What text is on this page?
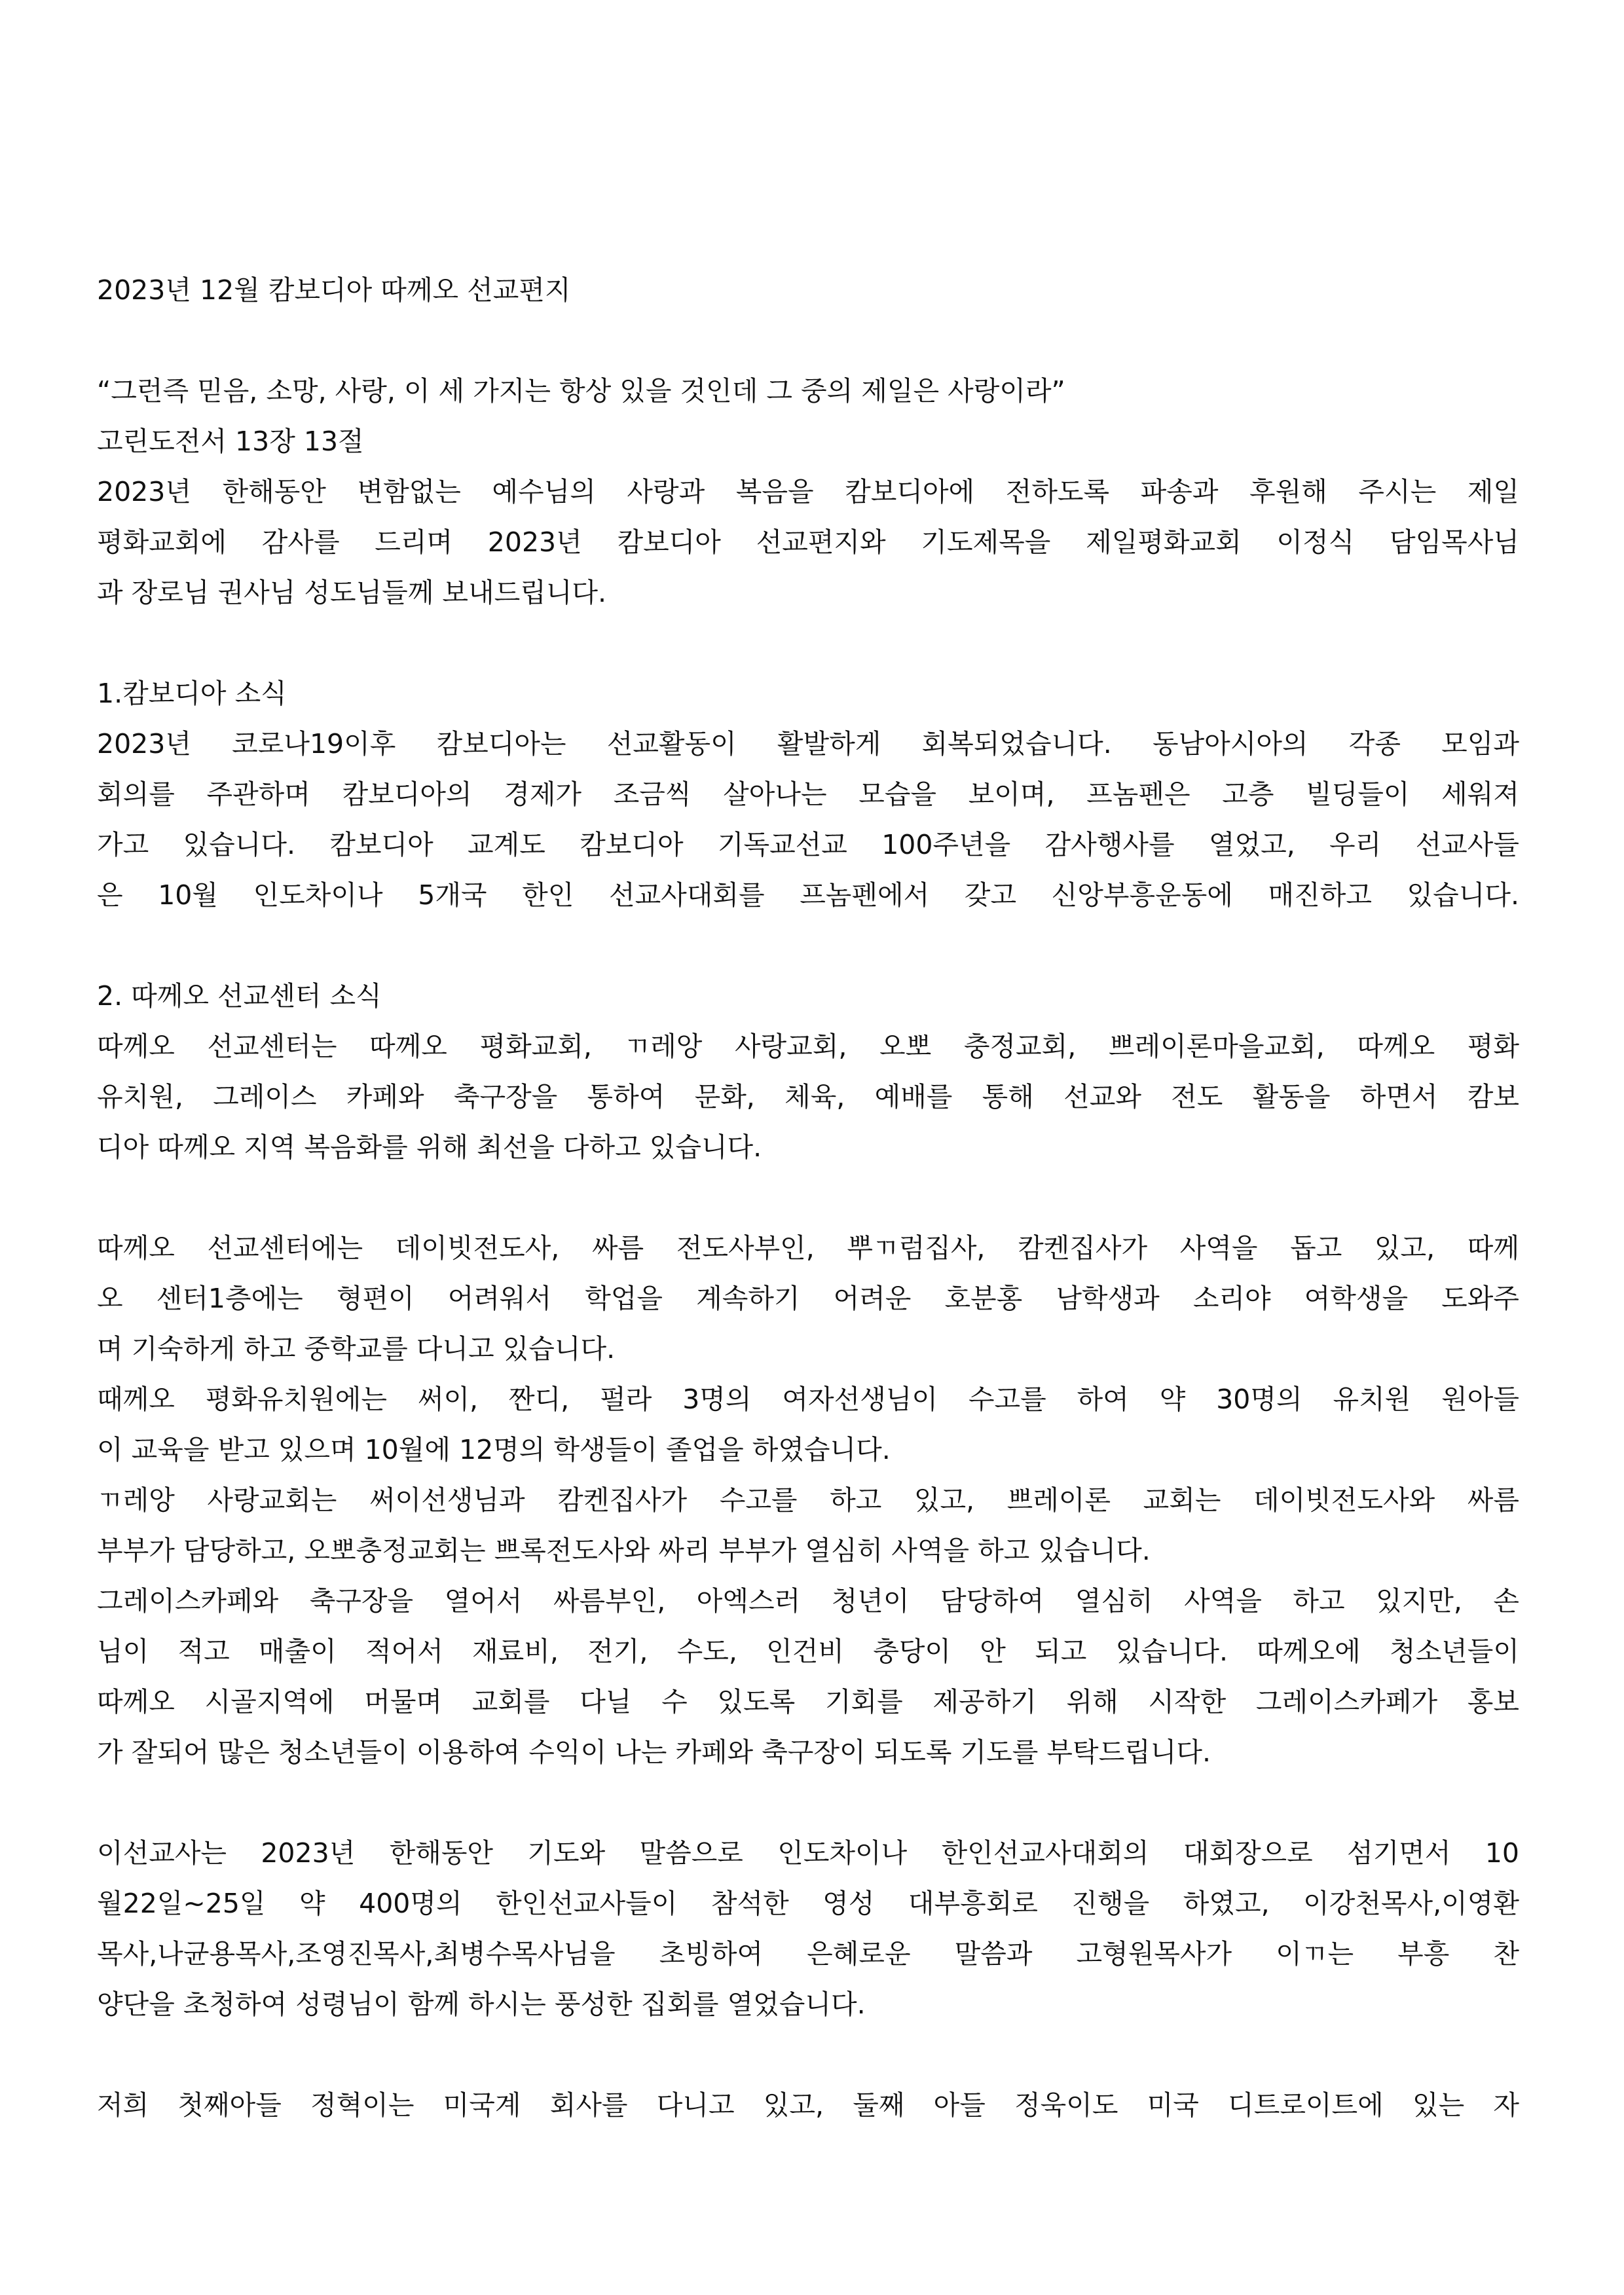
2023년 12월 캄보디아 따께오 선교편지
“그런즉 믿음, 소망, 사랑, 이 세 가지는 항상 있을 것인데 그 중의 제일은 사랑이라”
고린도전서 13장 13절
2023년 한해동안 변함없는 예수님의 사랑과 복음을 캄보디아에 전하도록 파송과 후원해 주시는 제일
평화교회에 감사를 드리며 2023년 캄보디아 선교편지와 기도제목을 제일평화교회 이정식 담임목사님
과 장로님 권사님 성도님들께 보내드립니다.
1.캄보디아 소식
2023년 코로나19이후 캄보디아는 선교활동이 활발하게 회복되었습니다. 동남아시아의 각종 모임과
회의를 주관하며 캄보디아의 경제가 조금씩 살아나는 모습을 보이며, 프놈펜은 고층 빌딩들이 세워져
가고 있습니다. 캄보디아 교계도 캄보디아 기독교선교 100주년을 감사행사를 열었고, 우리 선교사들
은 10월 인도차이나 5개국 한인 선교사대회를 프놈펜에서 갖고 신앙부흥운동에 매진하고 있습니다.
2. 따께오 선교센터 소식
따께오 선교센터는 따께오 평화교회, ㄲ레앙 사랑교회, 오뽀 충정교회, 쁘레이론마을교회, 따께오 평화
유치원, 그레이스 카페와 축구장을 통하여 문화, 체육, 예배를 통해 선교와 전도 활동을 하면서 캄보
디아 따께오 지역 복음화를 위해 최선을 다하고 있습니다.
따께오 선교센터에는 데이빗전도사, 싸름 전도사부인, 뿌ㄲ럼집사, 캄켄집사가 사역을 돕고 있고, 따께
오 센터1층에는 형편이 어려워서 학업을 계속하기 어려운 호분홍 남학생과 소리야 여학생을 도와주
며 기숙하게 하고 중학교를 다니고 있습니다.
때께오 평화유치원에는 써이, 짠디, 펄라 3명의 여자선생님이 수고를 하여 약 30명의 유치원 원아들
이 교육을 받고 있으며 10월에 12명의 학생들이 졸업을 하였습니다.
ㄲ레앙 사랑교회는 써이선생님과 캄켄집사가 수고를 하고 있고, 쁘레이론 교회는 데이빗전도사와 싸름
부부가 담당하고, 오뽀충정교회는 쁘록전도사와 싸리 부부가 열심히 사역을 하고 있습니다.
그레이스카페와 축구장을 열어서 싸름부인, 아엑스러 청년이 담당하여 열심히 사역을 하고 있지만, 손
님이 적고 매출이 적어서 재료비, 전기, 수도, 인건비 충당이 안 되고 있습니다. 따께오에 청소년들이
따께오 시골지역에 머물며 교회를 다닐 수 있도록 기회를 제공하기 위해 시작한 그레이스카페가 홍보
가 잘되어 많은 청소년들이 이용하여 수익이 나는 카페와 축구장이 되도록 기도를 부탁드립니다.
이선교사는 2023년 한해동안 기도와 말씀으로 인도차이나 한인선교사대회의 대회장으로 섬기면서 10
월22일~25일 약 400명의 한인선교사들이 참석한 영성 대부흥회로 진행을 하였고, 이강천목사,이영환
목사,나균용목사,조영진목사,최병수목사님을 초빙하여 은혜로운 말씀과 고형원목사가 이ㄲ는 부흥 찬
양단을 초청하여 성령님이 함께 하시는 풍성한 집회를 열었습니다.
저희 첫째아들 정혁이는 미국계 회사를 다니고 있고, 둘째 아들 정욱이도 미국 디트로이트에 있는 자
